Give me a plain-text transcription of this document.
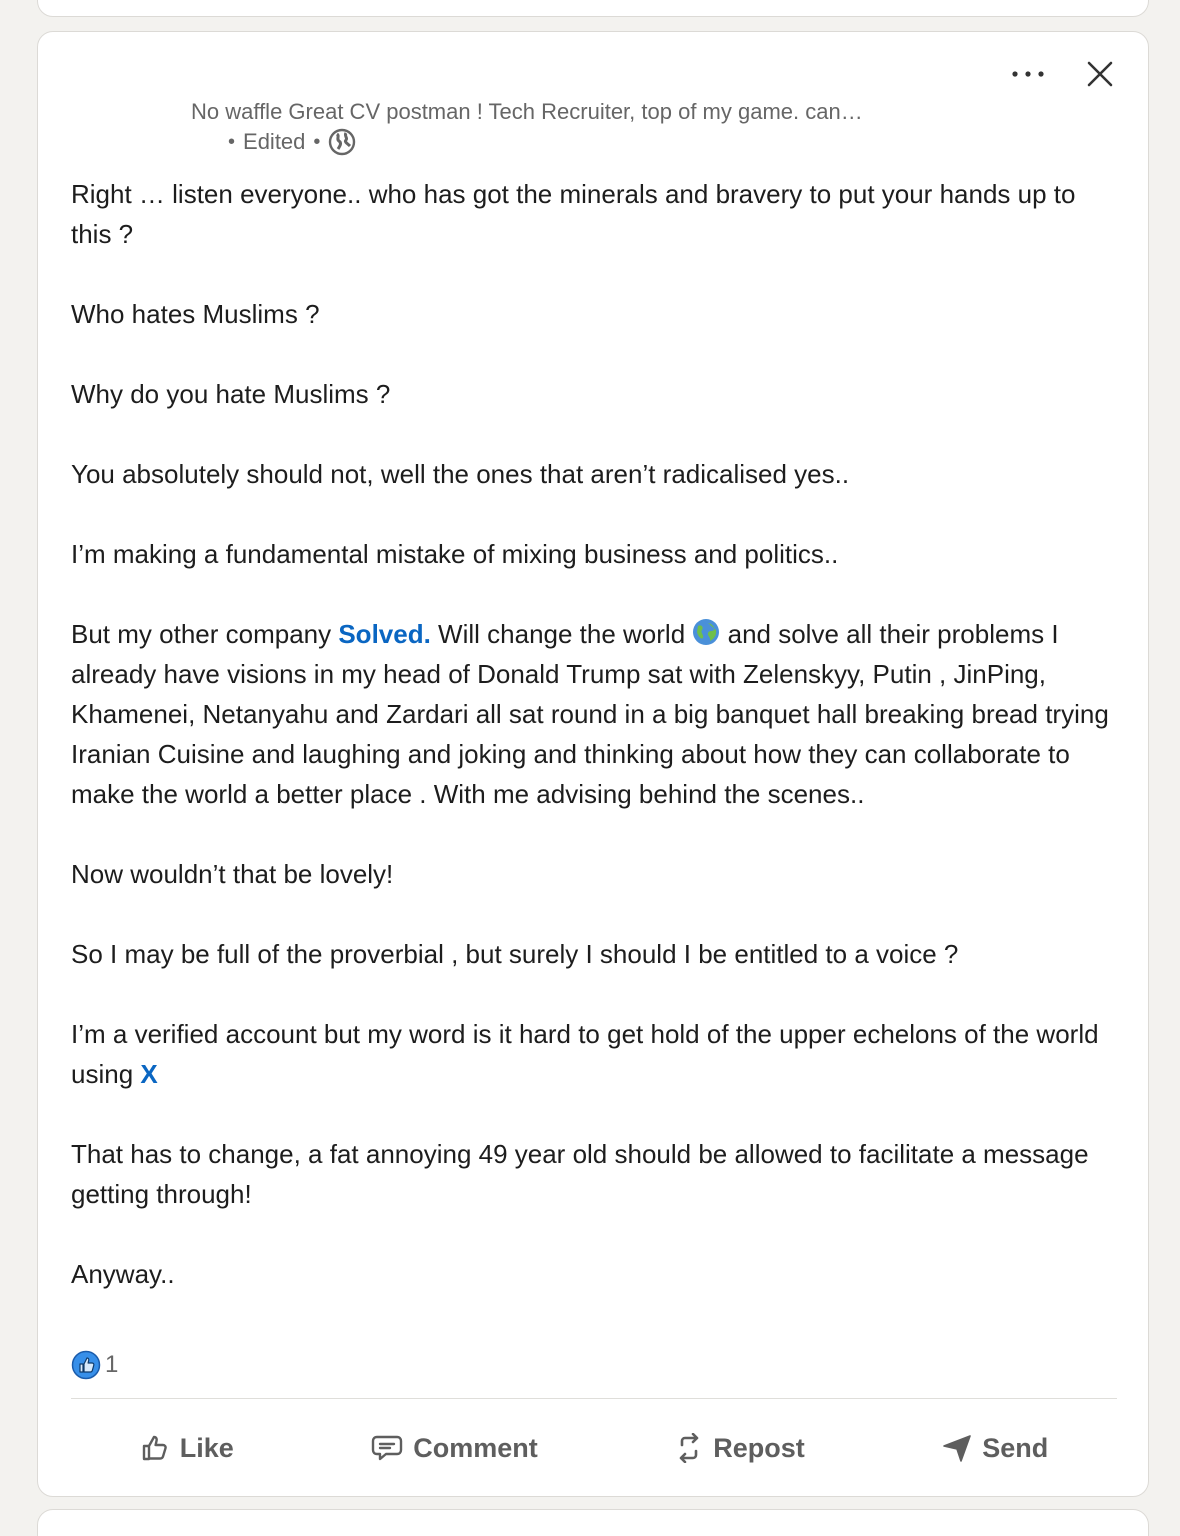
No waffle Great CV postman ! Tech Recruiter, top of my game. can…
• Edited •

Right … listen everyone.. who has got the minerals and bravery to put your hands up to this ?

Who hates Muslims ?

Why do you hate Muslims ?

You absolutely should not, well the ones that aren’t radicalised yes..

I’m making a fundamental mistake of mixing business and politics..

But my other company Solved. Will change the world  and solve all their problems I already have visions in my head of Donald Trump sat with Zelenskyy, Putin , JinPing, Khamenei, Netanyahu and Zardari all sat round in a big banquet hall breaking bread trying Iranian Cuisine and laughing and joking and thinking about how they can collaborate to make the world a better place . With me advising behind the scenes..

Now wouldn’t that be lovely!

So I may be full of the proverbial , but surely I should I be entitled to a voice ?

I’m a verified account but my word is it hard to get hold of the upper echelons of the world using X

That has to change, a fat annoying 49 year old should be allowed to facilitate a message getting through!

Anyway..

1
Like	Comment	Repost	Send
